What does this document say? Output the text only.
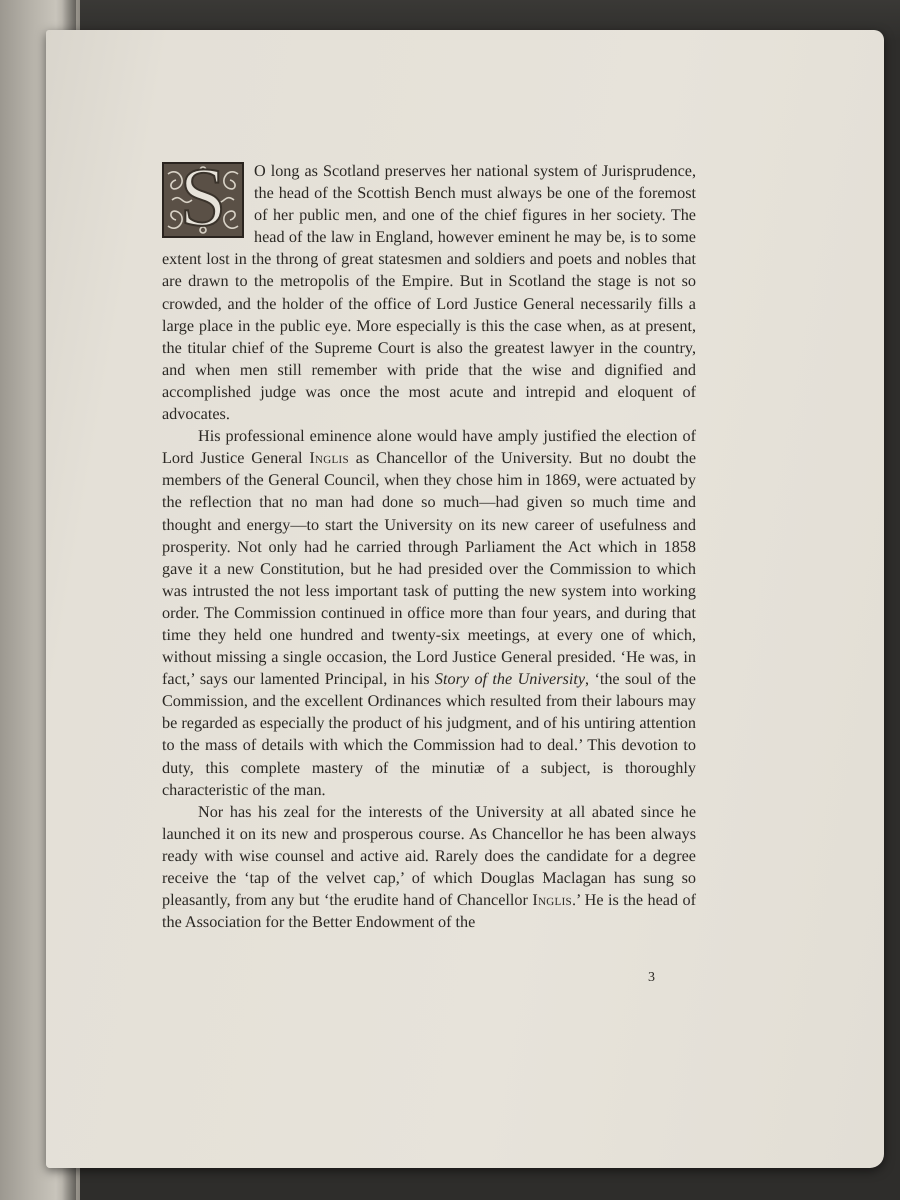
S	O long as Scotland preserves her national system of Jurisprudence, the head of the Scottish Bench must always be one of the foremost of her public men, and one of the chief figures in her society. The head of the law in England, however eminent he may be, is to some extent lost in the throng of great statesmen and soldiers and poets and nobles that are drawn to the metropolis of the Empire. But in Scotland the stage is not so crowded, and the holder of the office of Lord Justice General necessarily fills a large place in the public eye. More especially is this the case when, as at present, the titular chief of the Supreme Court is also the greatest lawyer in the country, and when men still remember with pride that the wise and dignified and accomplished judge was once the most acute and intrepid and eloquent of advocates.

His professional eminence alone would have amply justified the election of Lord Justice General Inglis as Chancellor of the University. But no doubt the members of the General Council, when they chose him in 1869, were actuated by the reflection that no man had done so much—had given so much time and thought and energy—to start the University on its new career of usefulness and prosperity. Not only had he carried through Parliament the Act which in 1858 gave it a new Constitution, but he had presided over the Commission to which was intrusted the not less important task of putting the new system into working order. The Commission continued in office more than four years, and during that time they held one hundred and twenty-six meetings, at every one of which, without missing a single occasion, the Lord Justice General presided. ‘He was, in fact,’ says our lamented Principal, in his Story of the University, ‘the soul of the Commission, and the excellent Ordinances which resulted from their labours may be regarded as especially the product of his judgment, and of his untiring attention to the mass of details with which the Commission had to deal.’ This devotion to duty, this complete mastery of the minutiæ of a subject, is thoroughly characteristic of the man.

Nor has his zeal for the interests of the University at all abated since he launched it on its new and prosperous course. As Chancellor he has been always ready with wise counsel and active aid. Rarely does the candidate for a degree receive the ‘tap of the velvet cap,’ of which Douglas Maclagan has sung so pleasantly, from any but ‘the erudite hand of Chancellor Inglis.’ He is the head of the Association for the Better Endowment of the

3
